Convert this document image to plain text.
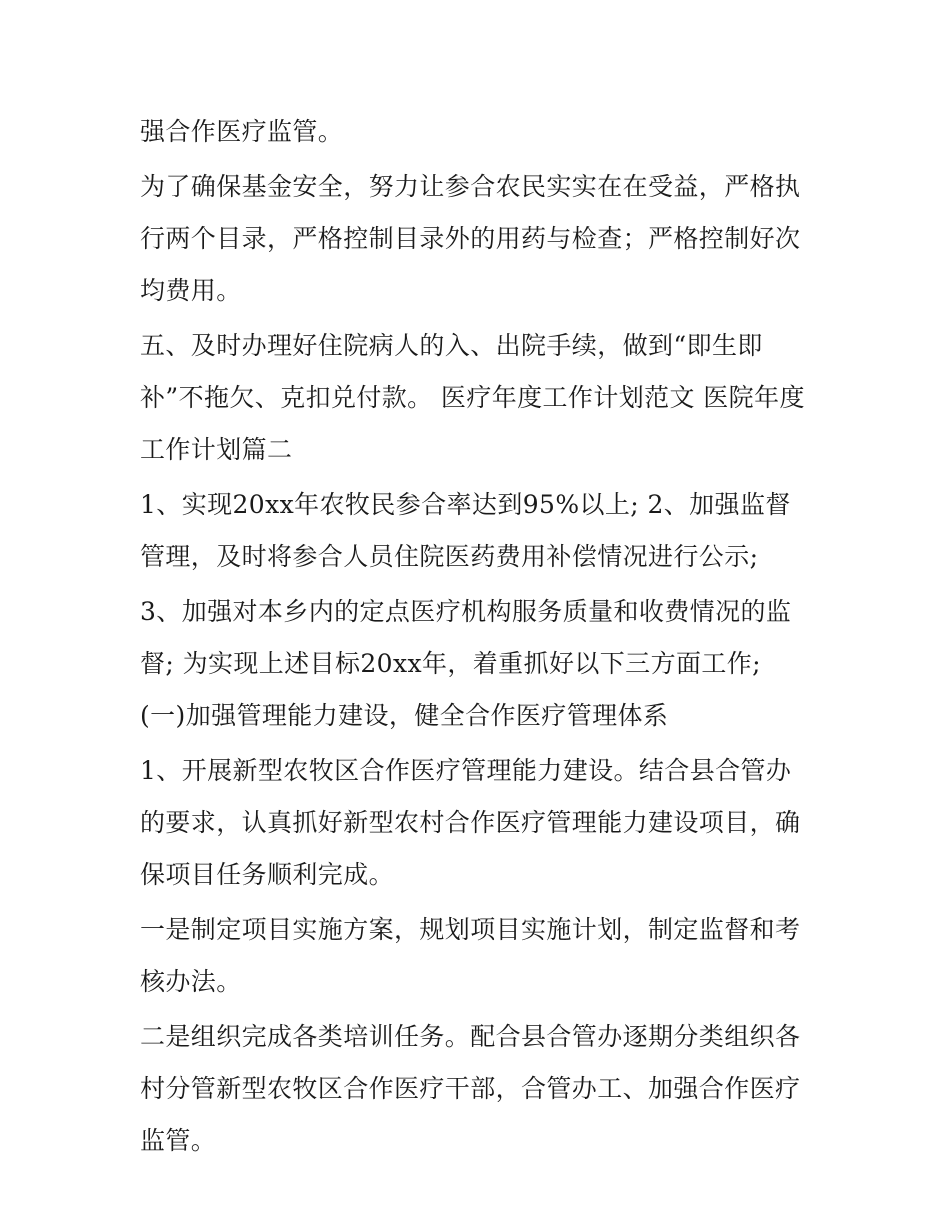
强合作医疗监管。

为了确保基金安全，努力让参合农民实实在在受益，严格执行两个目录，严格控制目录外的用药与检查；严格控制好次均费用。

五、及时办理好住院病人的入、出院手续，做到“即生即补”不拖欠、克扣兑付款。 医疗年度工作计划范文 医院年度工作计划篇二

1、实现20xx年农牧民参合率达到95%以上; 2、加强监督管理，及时将参合人员住院医药费用补偿情况进行公示;

3、加强对本乡内的定点医疗机构服务质量和收费情况的监督; 为实现上述目标20xx年，着重抓好以下三方面工作; (一)加强管理能力建设，健全合作医疗管理体系

1、开展新型农牧区合作医疗管理能力建设。结合县合管办的要求，认真抓好新型农村合作医疗管理能力建设项目，确保项目任务顺利完成。

一是制定项目实施方案，规划项目实施计划，制定监督和考核办法。

二是组织完成各类培训任务。配合县合管办逐期分类组织各村分管新型农牧区合作医疗干部，合管办工、加强合作医疗监管。
